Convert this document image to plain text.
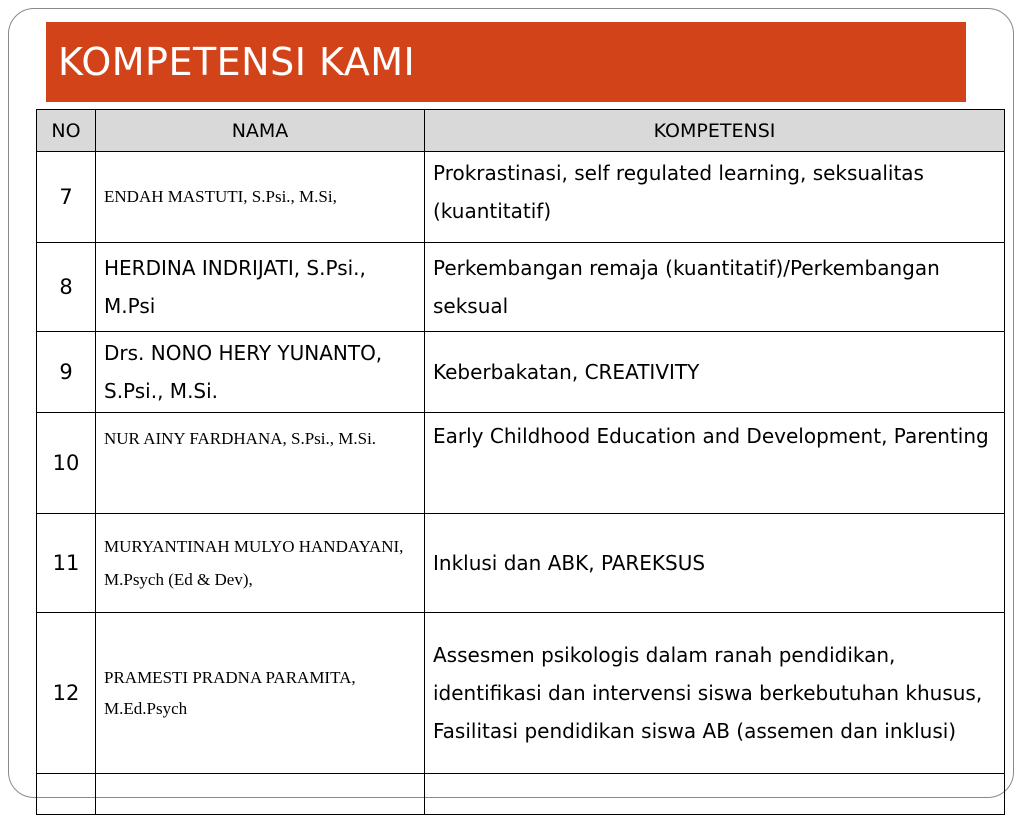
KOMPETENSI KAMI
NO	NAMA	KOMPETENSI
7	ENDAH MASTUTI, S.Psi., M.Si,	Prokrastinasi, self regulated learning, seksualitas (kuantitatif)
8	HERDINA INDRIJATI, S.Psi., M.Psi	Perkembangan remaja (kuantitatif)/Perkembangan seksual
9	Drs. NONO HERY YUNANTO, S.Psi., M.Si.	Keberbakatan, CREATIVITY
10	NUR AINY FARDHANA, S.Psi., M.Si.	Early Childhood Education and Development, Parenting
11	MURYANTINAH MULYO HANDAYANI, M.Psych (Ed & Dev),	Inklusi dan ABK, PAREKSUS
12	PRAMESTI PRADNA PARAMITA, M.Ed.Psych	Assesmen psikologis dalam ranah pendidikan, identifikasi dan intervensi siswa berkebutuhan khusus, Fasilitasi pendidikan siswa AB (assemen dan inklusi)
